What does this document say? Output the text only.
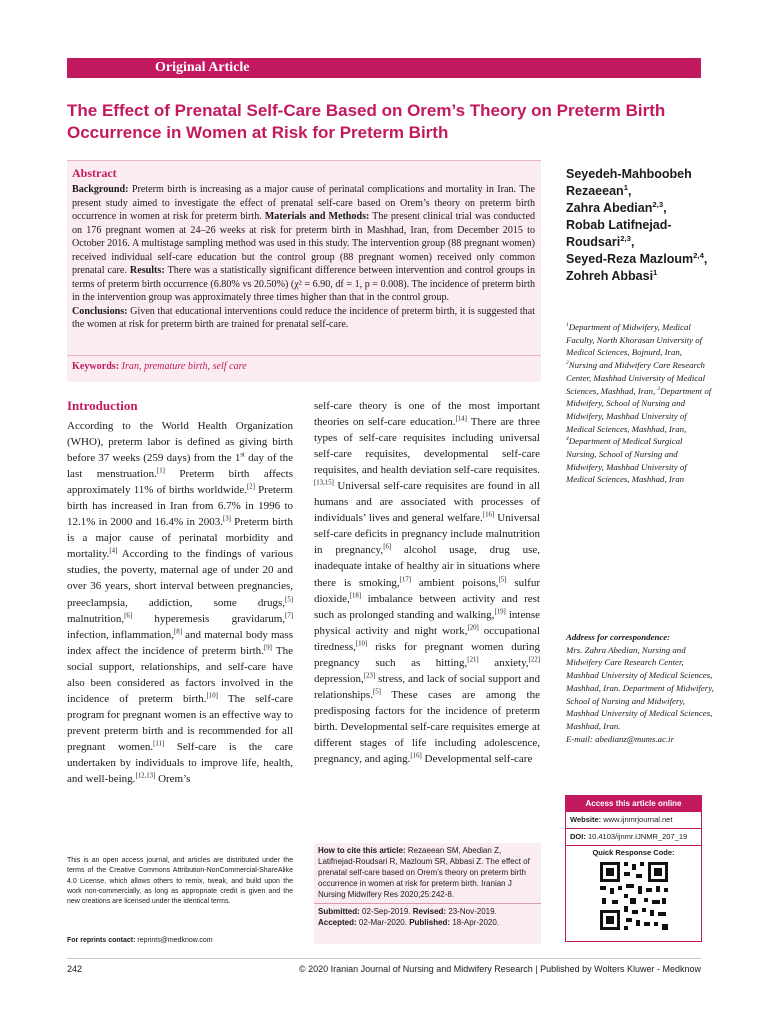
Original Article
The Effect of Prenatal Self-Care Based on Orem’s Theory on Preterm Birth Occurrence in Women at Risk for Preterm Birth
Abstract
Background: Preterm birth is increasing as a major cause of perinatal complications and mortality in Iran. The present study aimed to investigate the effect of prenatal self-care based on Orem’s theory on preterm birth occurrence in women at risk for preterm birth. Materials and Methods: The present clinical trial was conducted on 176 pregnant women at 24–26 weeks at risk for preterm birth in Mashhad, Iran, from December 2015 to October 2016. A multistage sampling method was used in this study. The intervention group (88 pregnant women) received individual self-care education but the control group (88 pregnant women) received only common prenatal care. Results: There was a statistically significant difference between intervention and control groups in terms of preterm birth occurrence (6.80% vs 20.50%) (χ² = 6.90, df = 1, p = 0.008). The incidence of preterm birth in the intervention group was approximately three times higher than that in the control group.
Conclusions: Given that educational interventions could reduce the incidence of preterm birth, it is suggested that the women at risk for preterm birth are trained for prenatal self-care.
Keywords: Iran, premature birth, self care
Seyedeh-Mahboobeh Rezaeean$^1$,
Zahra Abedian$^{2,3}$,
Robab Latifnejad-Roudsari$^{2,3}$,
Seyed-Reza Mazloum$^{2,4}$,
Zohreh Abbasi$^1$
$^1$Department of Midwifery, Medical Faculty, North Khorasan University of Medical Sciences, Bojnurd, Iran, $^2$Nursing and Midwifery Care Research Center, Mashhad University of Medical Sciences, Mashhad, Iran, $^3$Department of Midwifery, School of Nursing and Midwifery, Mashhad University of Medical Sciences, Mashhad, Iran, $^4$Department of Medical Surgical Nursing, School of Nursing and Midwifery, Mashhad University of Medical Sciences, Mashhad, Iran
Address for correspondence:
Mrs. Zahra Abedian, Nursing and Midwifery Care Research Center, Mashhad University of Medical Sciences, Mashhad, Iran. Department of Midwifery, School of Nursing and Midwifery, Mashhad University of Medical Sciences, Mashhad, Iran.
E-mail: abedianz@mums.ac.ir
Introduction
According to the World Health Organization (WHO), preterm labor is defined as giving birth before 37 weeks (259 days) from the 1st day of the last menstruation.[1] Preterm birth affects approximately 11% of births worldwide.[2] Preterm birth has increased in Iran from 6.7% in 1996 to 12.1% in 2000 and 16.4% in 2003.[3] Preterm birth is a major cause of perinatal morbidity and mortality.[4] According to the findings of various studies, the poverty, maternal age of under 20 and over 36 years, short interval between pregnancies, preeclampsia, addiction, some drugs,[5] malnutrition,[6] hyperemesis gravidarum,[7] infection, inflammation,[8] and maternal body mass index affect the incidence of preterm birth.[9] The social support, relationships, and self-care have also been considered as factors involved in the incidence of preterm birth.[10] The self-care program for pregnant women is an effective way to prevent preterm birth and is recommended for all pregnant women.[11] Self-care is the care undertaken by individuals to improve life, health, and well-being.[12,13] Orem’s
self-care theory is one of the most important theories on self-care education.[14] There are three types of self-care requisites including universal self-care requisites, developmental self-care requisites, and health deviation self-care requisites.[13,15] Universal self-care requisites are found in all humans and are associated with processes of individuals’ lives and general welfare.[16] Universal self-care deficits in pregnancy include malnutrition in pregnancy,[6] alcohol usage, drug use, inadequate intake of healthy air in situations where there is smoking,[17] ambient poisons,[5] sulfur dioxide,[18] imbalance between activity and rest such as prolonged standing and walking,[19] intense physical activity and night work,[20] occupational tiredness,[10] risks for pregnant women during pregnancy such as hitting,[21] anxiety,[22] depression,[23] stress, and lack of social support and relationships.[5] These cases are among the predisposing factors for the incidence of preterm birth. Developmental self-care requisites emerge at different stages of life including adolescence, pregnancy, and aging.[16] Developmental self-care
Access this article online
Website: www.ijnmrjournal.net
DOI: 10.4103/ijnmr.IJNMR_207_19
Quick Response Code:
This is an open access journal, and articles are distributed under the terms of the Creative Commons Attribution-NonCommercial-ShareAlike 4.0 License, which allows others to remix, tweak, and build upon the work non-commercially, as long as appropriate credit is given and the new creations are licensed under the identical terms.
For reprints contact: reprints@medknow.com
How to cite this article: Rezaeean SM, Abedian Z, Latifnejad-Roudsari R, Mazloum SR, Abbasi Z. The effect of prenatal self-care based on Orem’s theory on preterm birth occurrence in women at risk for preterm birth. Iranian J Nursing Midwifery Res 2020;25:242-8.
Submitted: 02-Sep-2019. Revised: 23-Nov-2019.
Accepted: 02-Mar-2020. Published: 18-Apr-2020.
242	© 2020 Iranian Journal of Nursing and Midwifery Research | Published by Wolters Kluwer - Medknow
